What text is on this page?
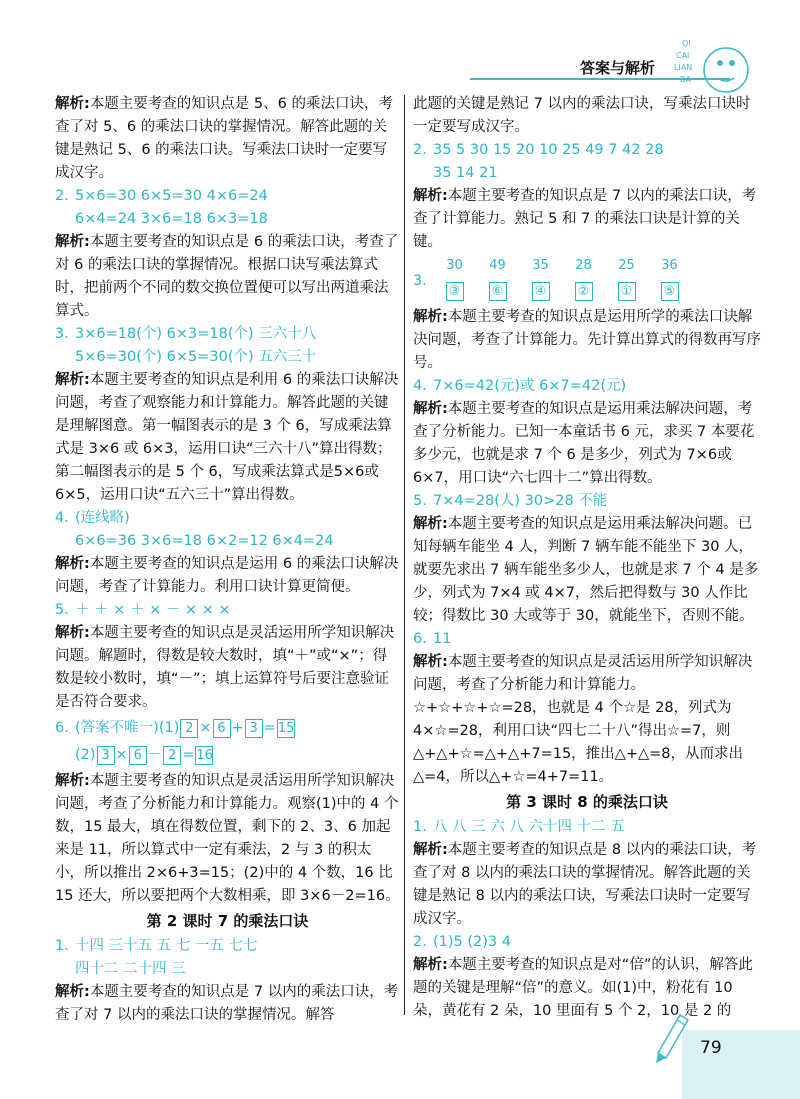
答案与解析
QI
CAI
LIAN
BA

解析:本题主要考查的知识点是 5、6 的乘法口诀，考查了对 5、6 的乘法口诀的掌握情况。解答此题的关键是熟记 5、6 的乘法口诀。写乘法口诀时一定要写成汉字。

2. 5×6=30 6×5=30 4×6=24

6×4=24 3×6=18 6×3=18

解析:本题主要考查的知识点是 6 的乘法口诀，考查了对 6 的乘法口诀的掌握情况。根据口诀写乘法算式时，把前两个不同的数交换位置便可以写出两道乘法算式。

3. 3×6=18(个) 6×3=18(个) 三六十八

5×6=30(个) 6×5=30(个) 五六三十

解析:本题主要考查的知识点是利用 6 的乘法口诀解决问题，考查了观察能力和计算能力。解答此题的关键是理解图意。第一幅图表示的是 3 个 6，写成乘法算式是 3×6 或 6×3，运用口诀“三六十八”算出得数；第二幅图表示的是 5 个 6，写成乘法算式是5×6或 6×5，运用口诀“五六三十”算出得数。

4. (连线略)

6×6=36 3×6=18 6×2=12 6×4=24

解析:本题主要考查的知识点是运用 6 的乘法口诀解决问题，考查了计算能力。利用口诀计算更简便。

5. ＋ ＋ × ＋ × － × × ×

解析:本题主要考查的知识点是灵活运用所学知识解决问题。解题时，得数是较大数时，填“＋”或“×”；得数是较小数时，填“－”；填上运算符号后要注意验证是否符合要求。

6. (答案不唯一)(1) 2 × 6 + 3 = 15

(2) 3 × 6 － 2 = 16

解析:本题主要考查的知识点是灵活运用所学知识解决问题，考查了分析能力和计算能力。观察(1)中的 4 个数，15 最大，填在得数位置，剩下的 2、3、6 加起来是 11，所以算式中一定有乘法，2 与 3 的积太小，所以推出 2×6+3=15；(2)中的 4 个数，16 比 15 还大，所以要把两个大数相乘，即 3×6－2=16。

第 2 课时 7 的乘法口诀

1. 十四 三十五 五 七 一五 七七

四十二 二十四 三

解析:本题主要考查的知识点是 7 以内的乘法口诀，考查了对 7 以内的乘法口诀的掌握情况。解答

此题的关键是熟记 7 以内的乘法口诀，写乘法口诀时一定要写成汉字。

2. 35 5 30 15 20 10 25 49 7 42 28

35 14 21

解析:本题主要考查的知识点是 7 以内的乘法口诀，考查了计算能力。熟记 5 和 7 的乘法口诀是计算的关键。

3.
30 49 35 28 25 36
③ ⑥ ④ ② ① ⑤

解析:本题主要考查的知识点是运用所学的乘法口诀解决问题，考查了计算能力。先计算出算式的得数再写序号。

4. 7×6=42(元)或 6×7=42(元)

解析:本题主要考查的知识点是运用乘法解决问题，考查了分析能力。已知一本童话书 6 元，求买 7 本要花多少元，也就是求 7 个 6 是多少，列式为 7×6或 6×7，用口诀“六七四十二”算出得数。

5. 7×4=28(人) 30>28 不能

解析:本题主要考查的知识点是运用乘法解决问题。已知每辆车能坐 4 人，判断 7 辆车能不能坐下 30 人，就要先求出 7 辆车能坐多少人，也就是求 7 个 4 是多少，列式为 7×4 或 4×7，然后把得数与 30 人作比较；得数比 30 大或等于 30，就能坐下，否则不能。

6. 11

解析:本题主要考查的知识点是灵活运用所学知识解决问题，考查了分析能力和计算能力。☆+☆+☆+☆=28，也就是 4 个☆是 28，列式为 4×☆=28，利用口诀“四七二十八”得出☆=7，则△+△+☆=△+△+7=15，推出△+△=8，从而求出△=4，所以△+☆=4+7=11。

第 3 课时 8 的乘法口诀

1. 八 八 三 六 八 六十四 十二 五

解析:本题主要考查的知识点是 8 以内的乘法口诀，考查了对 8 以内的乘法口诀的掌握情况。解答此题的关键是熟记 8 以内的乘法口诀，写乘法口诀时一定要写成汉字。

2. (1)5 (2)3 4

解析:本题主要考查的知识点是对“倍”的认识，解答此题的关键是理解“倍”的意义。如(1)中，粉花有 10 朵，黄花有 2 朵，10 里面有 5 个 2，10 是 2 的

79
